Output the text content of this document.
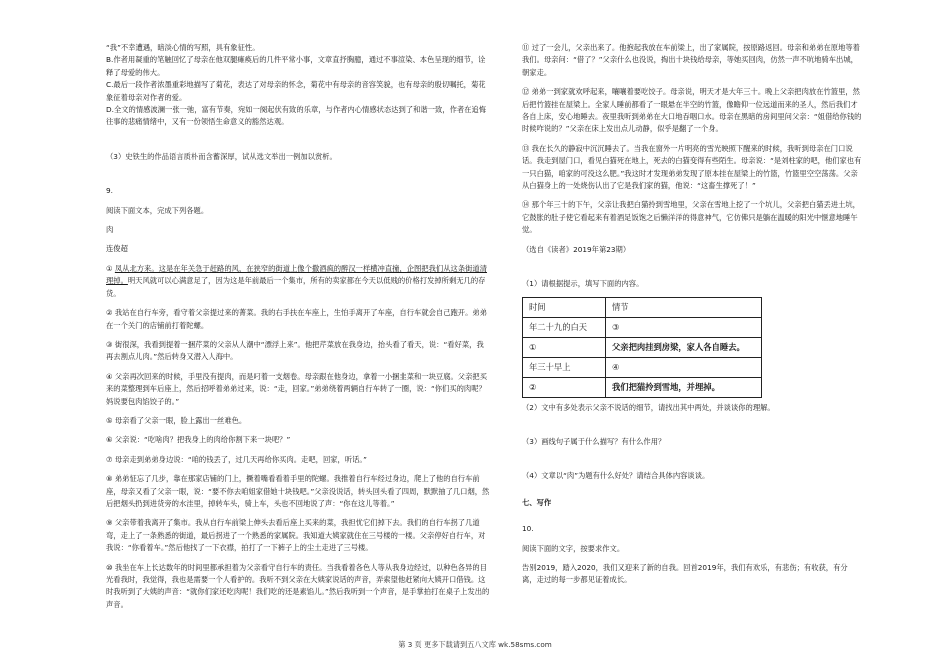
“我”不幸遭遇，暗淡心情的写照，具有象征性。

B.作者用凝重的笔触回忆了母亲在他双腿瘫痪后的几件平常小事，文章直抒胸臆，通过不事渲染、本色呈现的细节，诠释了母爱的伟大。

C.最后一段作者浓墨重彩地描写了菊花，表达了对母亲的怀念，菊花中有母亲的音容笑貌，也有母亲的殷切嘱托，菊花象征着母亲对作者的爱。

D.全文的情感波澜一张一弛，富有节奏，宛如一阕起伏有致的乐章，与作者内心情感状态达到了和谐一致，作者在追悔往事的悲痛情绪中，又有一份领悟生命意义的豁然达观。

（3）史铁生的作品语言质朴而含蓄深厚，试从选文举出一例加以赏析。

9.

阅读下面文本，完成下列各题。

肉

连俊超

① 凤从北方来。这是在年关急于赶路的风，在狭窄的街道上像个撒酒疯的醉汉一样横冲直撞，企图把我们从这条街道清理掉。明天风就可以心满意足了，因为这是年前最后一个集市，所有的卖家都在今天以低贱的价格打发掉所剩无几的存货。

② 我站在自行车旁，看守着父亲提过来的菁菜。我的右手扶在车座上，生怕手离开了车座，自行车就会自己跑开。弟弟在一个关门的店铺前打着陀螺。

③ 街很深，我看到提着一捆芹菜的父亲从人潮中“漂浮上来”。他把芹菜放在我身边，抬头看了看天，说：“看好菜，我再去割点儿肉。”然后转身又潜入人海中。

④ 父亲再次回来的时候，手里没有提肉，而是叼着一支烟卷。母亲跟在他身边，拿着一小捆韭菜和一块豆腐。父亲把买来的菜整理到车后座上，然后招呼着弟弟过来，说：“走，回家。”弟弟绕着两辆自行车转了一圈，说：“你们买的肉呢？妈说要包肉馅饺子的。”

⑤ 母亲看了父亲一眼，脸上露出一丝难色。

⑥ 父亲说：“吃啥肉？把我身上的肉给你割下来一块吧？”

⑦ 母亲走到弟弟身边说：“咱的钱丢了，过几天再给你买肉。走吧，回家，听话。”

⑧ 弟弟怔忘了几步，靠在那家店铺的门上，撅着嘴看看着手里的陀螺。我推着自行车经过身边，爬上了他的自行车前座，母亲又看了父亲一眼，说：“要不你去咱姐家借她十块钱吧。”父亲没说话，转头回头看了四周，默默抽了几口烟，然后把烟头扔到进货旁的水洼里，掉转车头，骑上车，头也不回地说了声：“你在这儿等着。”

⑨ 父亲带着我离开了集市。我从自行车前梁上伸头去看后座上买来的菜，我担忧它们掉下去。我们的自行车拐了几道弯，走上了一条熟悉的街道，最后拐进了一个熟悉的家属院。我知道大姨家就住在三号楼的一楼。父亲停好自行车，对我说：“你看着车。”然后他找了一下衣襟，拍打了一下裤子上的尘土走进了三号楼。

⑩ 我坐在车上长达数年的时间里都承担着为父亲看守自行车的责任。当我看着各色人等从我身边经过，以种色各异的目光看我时，我觉得，我也是需要一个人看护的。我听不到父亲在大姨家说话的声音，弄索望他赶紧向大姨开口借钱。这时我听到了大姨的声音：“就你们家还吃肉呢！我们吃的还是素馅儿。”然后我听到一个声音，是手掌拍打在桌子上发出的声音。

⑪ 过了一会儿，父亲出来了。他抱起我放在车前梁上，出了家属院，按原路返回。母亲和弟弟在原地等着我们。母亲问：“借了？”父亲什么也没说，掏出十块钱给母亲，等她买回肉，仿然一声不吭地骑车出城，朝家走。

⑫ 弟弟一到家就欢呼起来，嚷嚷着要吃饺子。母亲说，明天才是大年三十。晚上父亲把肉放在竹篮里，然后把竹篮挂在屋梁上。全家人睡前都看了一眼悬在半空的竹篮，像瞻仰一位远道而来的圣人，然后我们才各自上床，安心地睡去。夜里我听到弟弟在大口地吞咽口水。母亲在黑暗的房间里问父亲：“姐借给你钱的时候咋说的？”父亲在床上发出点儿动静，似乎是翻了一个身。

⑬ 我在长久的静寂中沉沉睡去了。当我在窗外一片明亮的雪光映照下醒来的时候，我听到母亲在门口说话。我走到屋门口，看见白猫死在地上，死去的白猫变得有些陌生。母亲说：“是刘柱家的吧，他们家也有一只白猫，咱家的可没这么肥。”我这时才发现弟弟发现了原本挂在屋梁上的竹篮，竹篮里空空荡荡。父亲从白猫身上的一处烧伤认出了它是我们家的猫，他说：“这畜生撑死了！”

⑭ 那个年三十的下午，父亲让我把白猫拎到雪地里，父亲在雪地上挖了一个坑儿，父亲把白猫丢进土坑，它鼓胀的肚子使它看起来有着酒足饭饱之后懒洋洋的得意神气，它仿佛只是躺在温暖的阳光中惬意地睡午觉。

（选自《读者》2019年第23期）

（1）请根据提示，填写下面的内容。

时间	情节
年二十九的白天	③
①	父亲把肉挂到房梁，家人各自睡去。
年三十早上	④
②	我们把猫拎到雪地，并埋掉。

（2）文中有多处表示父亲不说话的细节，请找出其中两处，并谈谈你的理解。

（3）画线句子属于什么描写？有什么作用？

（4）文章以“肉”为题有什么好处？请结合具体内容谈谈。

七、写作

10.

阅读下面的文字，按要求作文。

告别2019，踏入2020，我们又迎来了新的自我。回首2019年，我们有欢乐，有悲伤；有收获，有分离，走过的每一步都见证着成长。

第 3 页 更多下载请到五八文库 wk.58sms.com
